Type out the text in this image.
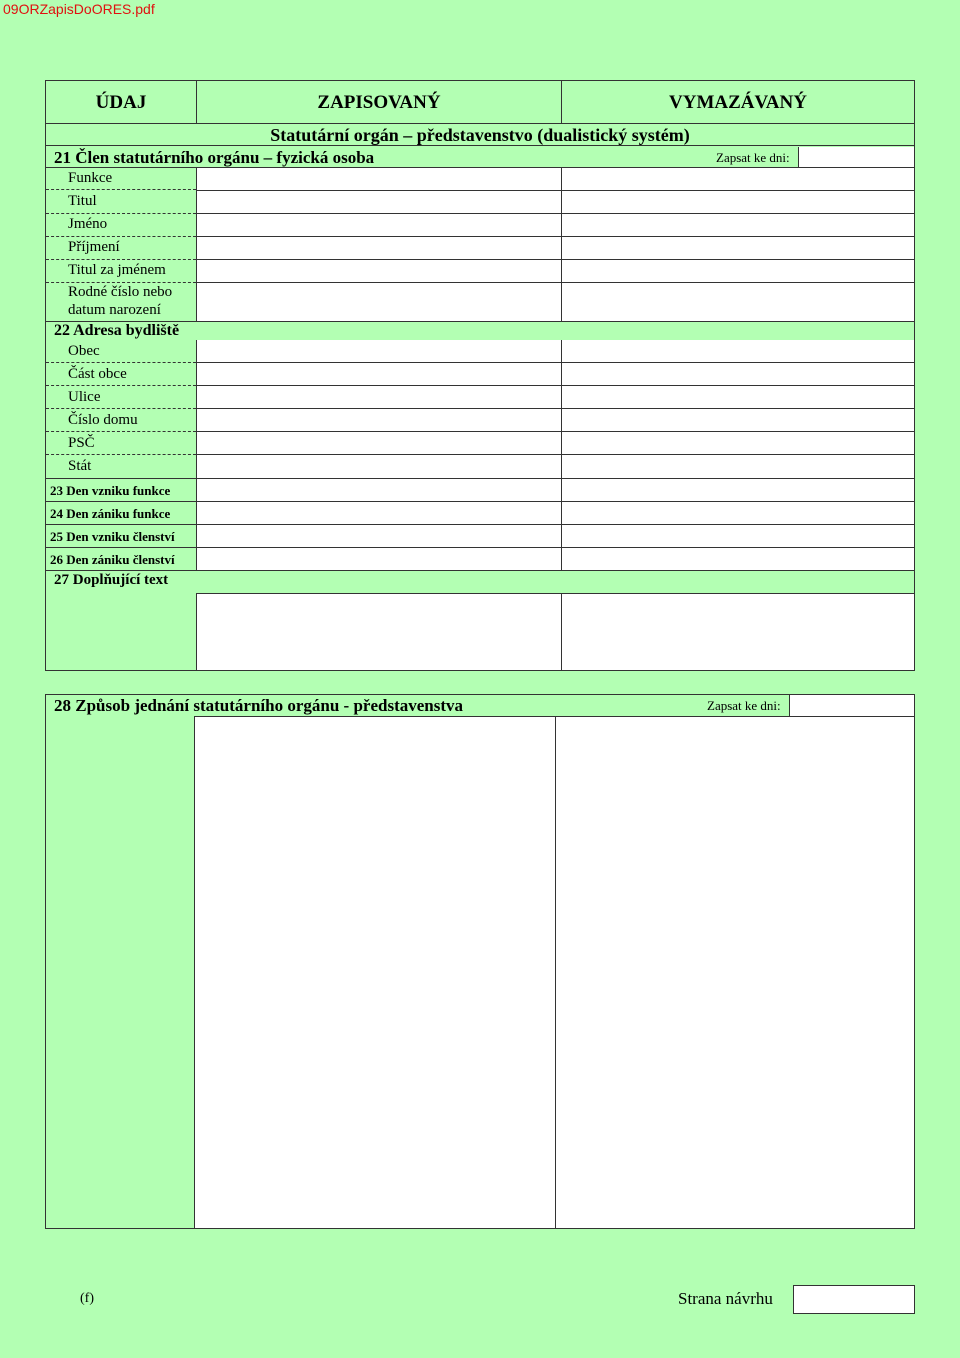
09ORZapisDoORES.pdf
ÚDAJ	ZAPISOVANÝ	VYMAZÁVANÝ
Statutární orgán – představenstvo (dualistický systém)
21 Člen statutárního orgánu – fyzická osoba	Zapsat ke dni:
Funkce
Titul
Jméno
Příjmení
Titul za jménem
Rodné číslo nebo
datum narození
22 Adresa bydliště
Obec
Část obce
Ulice
Číslo domu
PSČ
Stát
23 Den vzniku funkce
24 Den zániku funkce
25 Den vzniku členství
26 Den zániku členství
27 Doplňující text
28 Způsob jednání statutárního orgánu - představenstva	Zapsat ke dni:
(f)	Strana návrhu
